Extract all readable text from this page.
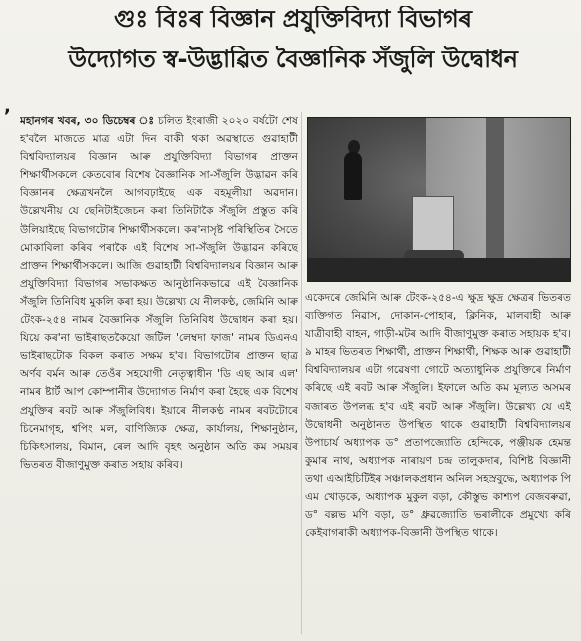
গুঃ বিঃৰ বিজ্ঞান প্ৰযুক্তিবিদ্যা বিভাগৰ
উদ্যোগত স্ব-উদ্ভাৱিত বৈজ্ঞানিক সঁজুলি উদ্বোধন
,
মহানগৰ খবৰ, ৩০ ডিচেম্বৰ ঃ চলিত ইংৰাজী ২০২০ বৰ্ষটো শেষ হ'বলৈ মাজতে মাত্ৰ এটা দিন বাকী থকা অৱস্থাতে গুৱাহাটী বিশ্ববিদ্যালয়ৰ বিজ্ঞান আৰু প্ৰযুক্তিবিদ্যা বিভাগৰ প্ৰাক্তন শিক্ষাৰ্থীসকলে কেতবোৰ বিশেষ বৈজ্ঞানিক সা-সঁজুলি উদ্ভাৱন কৰি বিজ্ঞানৰ ক্ষেত্ৰখনলৈ আগবঢ়াইছে এক বহমূলীয়া অৱদান। উল্লেখনীয় যে ছেনিটাইজেচন কৰা তিনিটাকৈ সঁজুলি প্ৰস্তুত কৰি উলিয়াইছে বিভাগটোৰ শিক্ষাৰ্থীসকলে। কৰ'নাসৃষ্ট পৰিস্থিতিৰ সৈতে মোকাবিলা কৰিব পৰাকৈ এই বিশেষ সা-সঁজুলি উদ্ভাৱন কৰিছে প্ৰাক্তন শিক্ষাৰ্থীসকলে। আজি গুৱাহাটী বিশ্ববিদ্যালয়ৰ বিজ্ঞান আৰু প্ৰযুক্তিবিদ্যা বিভাগৰ সভাকক্ষত আনুষ্ঠানিকভাৱে এই বৈজ্ঞানিক সঁজুলি তিনিবিধ মুকলি কৰা হয়। উল্লেখ্য যে নীলকণ্ঠ, জেমিনি আৰু টেংক-২৫৪ নামৰ বৈজ্ঞানিক সঁজুলি তিনিবিধ উদ্বোধন কৰা হয়। যিয়ে কৰ'না ভাইৰাছতকৈয়ো জটিল 'লেম্বদা ফাজ' নামৰ ডিএনএ ভাইৰাছটোক বিকল কৰাত সক্ষম হ'ব। বিভাগটোৰ প্ৰাক্তন ছাত্ৰ অৰ্ণব বৰ্মন আৰু তেওঁৰ সহযোগী নেতৃত্বাধীন 'ডি এছ আৰ এল' নামৰ ষ্টাৰ্ট আপ কোম্পানীৰ উদ্যোগত নিৰ্মাণ কৰা হৈছে এক বিশেষ প্ৰযুক্তিৰ ৰবট আৰু সঁজুলিবিধ। ইয়াৰে নীলকণ্ঠ নামৰ ৰবটটোৰে চিনেমাগৃহ, শ্বপিং মল, বাণিজ্যিক ক্ষেত্ৰ, কাৰ্যালয়, শিক্ষানুষ্ঠান, চিকিৎসালয়, বিমান, ৰেল আদি বৃহৎ অনুষ্ঠান অতি কম সময়ৰ ভিতৰত বীজাণুমুক্ত কৰাত সহায় কৰিব।
একেদৰে জেমিনি আৰু টেংক-২৫৪-এ ক্ষুদ্ৰ ক্ষুদ্ৰ ক্ষেত্ৰৰ ভিতৰত ব্যক্তিগত নিৱাস, দোকান-পোহাৰ, ক্লিনিক, মালবাহী আৰু যাত্ৰীবাহী বাহন, গাড়ী-মটৰ আদি বীজাণুমুক্ত কৰাত সহায়ক হ'ব। ৯ মাহৰ ভিতৰত শিক্ষাৰ্থী, প্ৰাক্তন শিক্ষাৰ্থী, শিক্ষক আৰু গুৱাহাটী বিশ্ববিদ্যালয়ৰ এটা গৱেষণা গোটে অত্যাধুনিক প্ৰযুক্তিৰে নিৰ্মাণ কৰিছে এই ৰবট আৰু সঁজুলি। ইফালে অতি কম মূল্যত অসমৰ বজাৰত উপলব্ধ হ'ব এই ৰবট আৰু সঁজুলি। উল্লেখ্য যে এই উদ্বোধনী অনুষ্ঠানত উপস্থিত থাকে গুৱাহাটী বিশ্ববিদ্যালয়ৰ উপাচাৰ্য অধ্যাপক ড° প্ৰতাপজ্যোতি হেন্দিকে, পঞ্জীয়ক হেমন্ত কুমাৰ নাথ, অধ্যাপক নাৰায়ণ চন্দ্ৰ তালুকদাৰ, বিশিষ্ট বিজ্ঞানী তথা এআইচিটিইৰ সঞ্চালকপ্ৰধান অনিল সহস্ৰবুদ্ধে, অধ্যাপক পি এম খোড়কে, অধ্যাপক মুকুল বড়া, কৌস্তুভ কাশ্যপ বেজবৰুৱা, ড° বল্লভ মণি বড়া, ড° ধ্ৰুৱজ্যোতি ভৰালীকে প্ৰমুখ্যে কৰি কেইবাগৰাকী অধ্যাপক-বিজ্ঞানী উপস্থিত থাকে।
